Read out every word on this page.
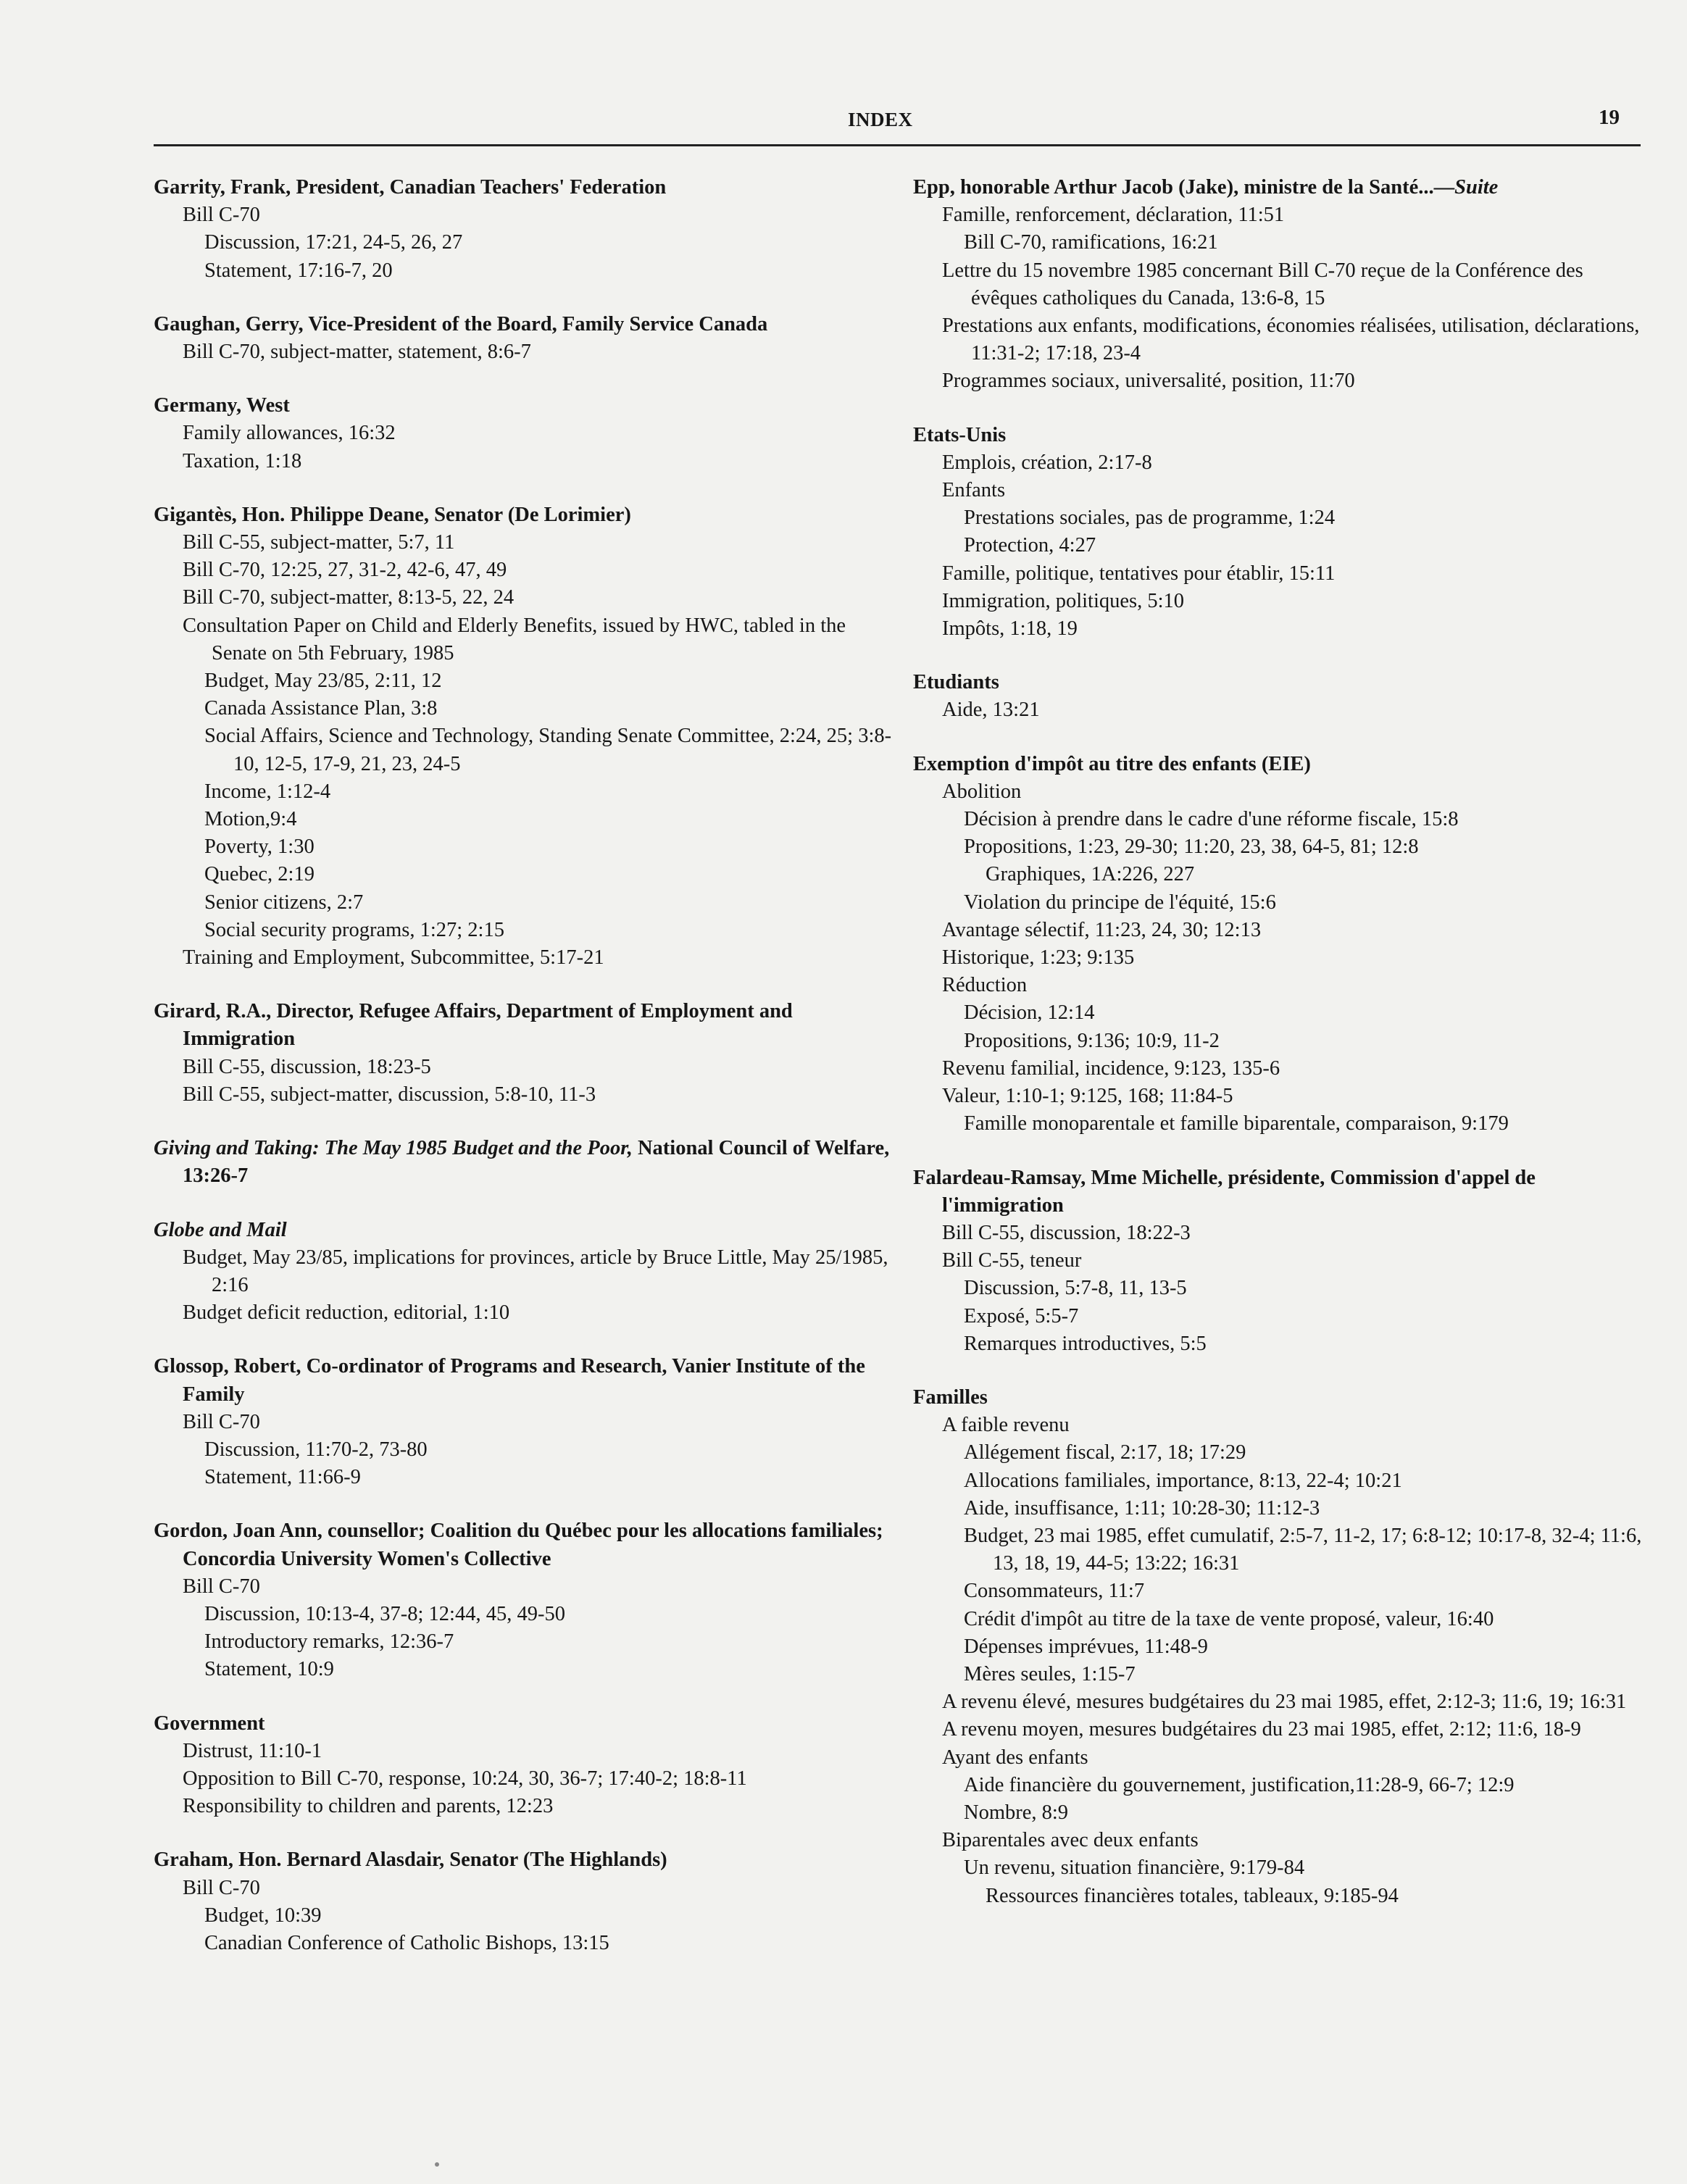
INDEX	19
Garrity, Frank, President, Canadian Teachers' Federation
Bill C-70
Discussion, 17:21, 24-5, 26, 27
Statement, 17:16-7, 20
Gaughan, Gerry, Vice-President of the Board, Family Service Canada
Bill C-70, subject-matter, statement, 8:6-7
Germany, West
Family allowances, 16:32
Taxation, 1:18
Gigantès, Hon. Philippe Deane, Senator (De Lorimier)
Bill C-55, subject-matter, 5:7, 11
Bill C-70, 12:25, 27, 31-2, 42-6, 47, 49
Bill C-70, subject-matter, 8:13-5, 22, 24
Consultation Paper on Child and Elderly Benefits, issued by HWC, tabled in the Senate on 5th February, 1985
Budget, May 23/85, 2:11, 12
Canada Assistance Plan, 3:8
Social Affairs, Science and Technology, Standing Senate Committee, 2:24, 25; 3:8-10, 12-5, 17-9, 21, 23, 24-5
Income, 1:12-4
Motion,9:4
Poverty, 1:30
Quebec, 2:19
Senior citizens, 2:7
Social security programs, 1:27; 2:15
Training and Employment, Subcommittee, 5:17-21
Girard, R.A., Director, Refugee Affairs, Department of Employment and Immigration
Bill C-55, discussion, 18:23-5
Bill C-55, subject-matter, discussion, 5:8-10, 11-3
Giving and Taking: The May 1985 Budget and the Poor, National Council of Welfare, 13:26-7
Globe and Mail
Budget, May 23/85, implications for provinces, article by Bruce Little, May 25/1985, 2:16
Budget deficit reduction, editorial, 1:10
Glossop, Robert, Co-ordinator of Programs and Research, Vanier Institute of the Family
Bill C-70
Discussion, 11:70-2, 73-80
Statement, 11:66-9
Gordon, Joan Ann, counsellor; Coalition du Québec pour les allocations familiales; Concordia University Women's Collective
Bill C-70
Discussion, 10:13-4, 37-8; 12:44, 45, 49-50
Introductory remarks, 12:36-7
Statement, 10:9
Government
Distrust, 11:10-1
Opposition to Bill C-70, response, 10:24, 30, 36-7; 17:40-2; 18:8-11
Responsibility to children and parents, 12:23
Graham, Hon. Bernard Alasdair, Senator (The Highlands)
Bill C-70
Budget, 10:39
Canadian Conference of Catholic Bishops, 13:15
Epp, honorable Arthur Jacob (Jake), ministre de la Santé...—Suite
Famille, renforcement, déclaration, 11:51
Bill C-70, ramifications, 16:21
Lettre du 15 novembre 1985 concernant Bill C-70 reçue de la Conférence des évêques catholiques du Canada, 13:6-8, 15
Prestations aux enfants, modifications, économies réalisées, utilisation, déclarations, 11:31-2; 17:18, 23-4
Programmes sociaux, universalité, position, 11:70
Etats-Unis
Emplois, création, 2:17-8
Enfants
Prestations sociales, pas de programme, 1:24
Protection, 4:27
Famille, politique, tentatives pour établir, 15:11
Immigration, politiques, 5:10
Impôts, 1:18, 19
Etudiants
Aide, 13:21
Exemption d'impôt au titre des enfants (EIE)
Abolition
Décision à prendre dans le cadre d'une réforme fiscale, 15:8
Propositions, 1:23, 29-30; 11:20, 23, 38, 64-5, 81; 12:8
Graphiques, 1A:226, 227
Violation du principe de l'équité, 15:6
Avantage sélectif, 11:23, 24, 30; 12:13
Historique, 1:23; 9:135
Réduction
Décision, 12:14
Propositions, 9:136; 10:9, 11-2
Revenu familial, incidence, 9:123, 135-6
Valeur, 1:10-1; 9:125, 168; 11:84-5
Famille monoparentale et famille biparentale, comparaison, 9:179
Falardeau-Ramsay, Mme Michelle, présidente, Commission d'appel de l'immigration
Bill C-55, discussion, 18:22-3
Bill C-55, teneur
Discussion, 5:7-8, 11, 13-5
Exposé, 5:5-7
Remarques introductives, 5:5
Familles
A faible revenu
Allégement fiscal, 2:17, 18; 17:29
Allocations familiales, importance, 8:13, 22-4; 10:21
Aide, insuffisance, 1:11; 10:28-30; 11:12-3
Budget, 23 mai 1985, effet cumulatif, 2:5-7, 11-2, 17; 6:8-12; 10:17-8, 32-4; 11:6, 13, 18, 19, 44-5; 13:22; 16:31
Consommateurs, 11:7
Crédit d'impôt au titre de la taxe de vente proposé, valeur, 16:40
Dépenses imprévues, 11:48-9
Mères seules, 1:15-7
A revenu élevé, mesures budgétaires du 23 mai 1985, effet, 2:12-3; 11:6, 19; 16:31
A revenu moyen, mesures budgétaires du 23 mai 1985, effet, 2:12; 11:6, 18-9
Ayant des enfants
Aide financière du gouvernement, justification,11:28-9, 66-7; 12:9
Nombre, 8:9
Biparentales avec deux enfants
Un revenu, situation financière, 9:179-84
Ressources financières totales, tableaux, 9:185-94
